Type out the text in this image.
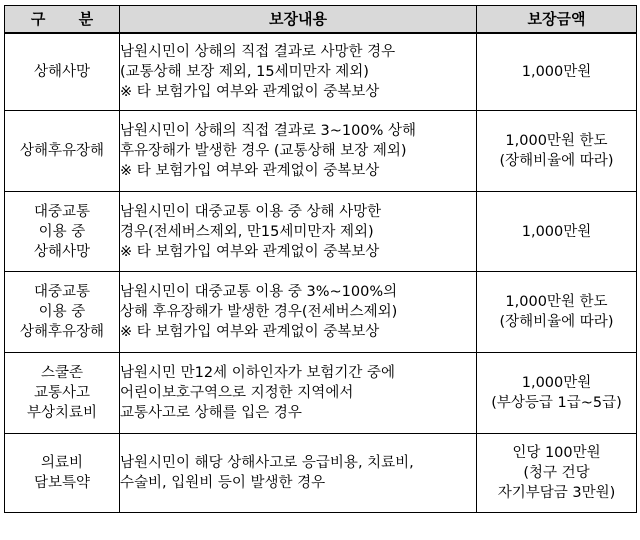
구 분	보장내용	보장금액

상해사망	남원시민이 상해의 직접 결과로 사망한 경우
(교통상해 보장 제외, 15세미만자 제외)
※ 타 보험가입 여부와 관계없이 중복보상	1,000만원

상해후유장해	남원시민이 상해의 직접 결과로 3~100% 상해
후유장해가 발생한 경우 (교통상해 보장 제외)
※ 타 보험가입 여부와 관계없이 중복보상	1,000만원 한도
(장해비율에 따라)

대중교통
이용 중
상해사망	남원시민이 대중교통 이용 중 상해 사망한
경우(전세버스제외, 만15세미만자 제외)
※ 타 보험가입 여부와 관계없이 중복보상	1,000만원

대중교통
이용 중
상해후유장해	남원시민이 대중교통 이용 중 3%~100%의
상해 후유장해가 발생한 경우(전세버스제외)
※ 타 보험가입 여부와 관계없이 중복보상	1,000만원 한도
(장해비율에 따라)

스쿨존
교통사고
부상치료비	남원시민 만12세 이하인자가 보험기간 중에
어린이보호구역으로 지정한 지역에서
교통사고로 상해를 입은 경우	1,000만원
(부상등급 1급~5급)

의료비
담보특약	남원시민이 해당 상해사고로 응급비용, 치료비,
수술비, 입원비 등이 발생한 경우	인당 100만원
(청구 건당
자기부담금 3만원)
